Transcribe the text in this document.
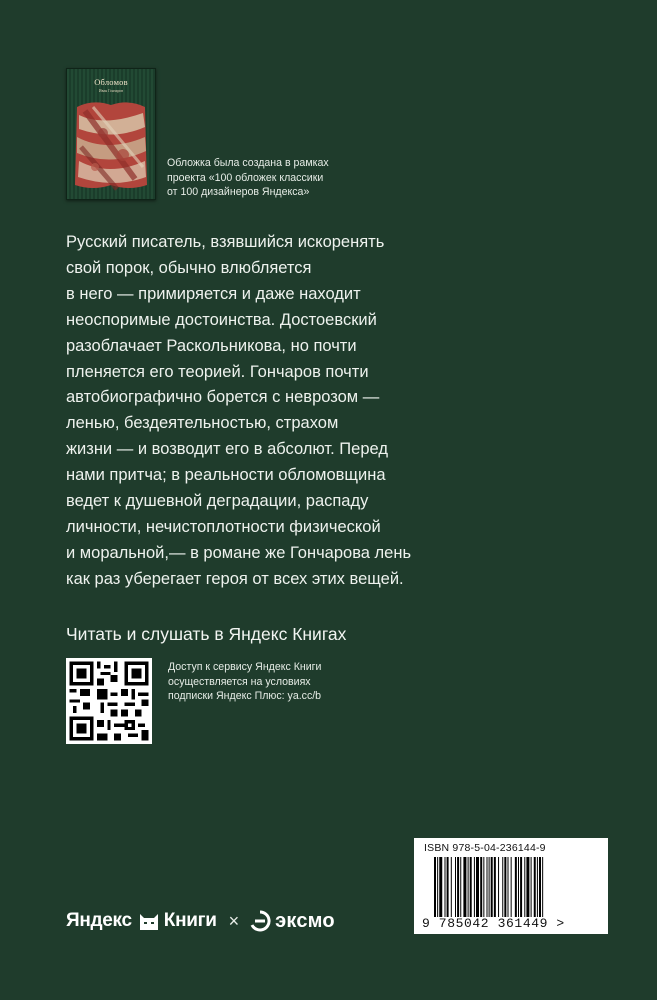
Обломов
Иван Гончаров
Обложка была создана в рамках
проекта «100 обложек классики
от 100 дизайнеров Яндекса»
Русский писатель, взявшийся искоренять
свой порок, обычно влюбляется
в него — примиряется и даже находит
неоспоримые достоинства. Достоевский
разоблачает Раскольникова, но почти
пленяется его теорией. Гончаров почти
автобиографично борется с неврозом —
ленью, бездеятельностью, страхом
жизни — и возводит его в абсолют. Перед
нами притча; в реальности обломовщина
ведет к душевной деградации, распаду
личности, нечистоплотности физической
и моральной,— в романе же Гончарова лень
как раз уберегает героя от всех этих вещей.
Читать и слушать в Яндекс Книгах
Доступ к сервису Яндекс Книги
осуществляется на условиях
подписки Яндекс Плюс: ya.cc/b
ISBN 978-5-04-236144-9
9 785042 361449 >
Яндекс Книги × эксмо
